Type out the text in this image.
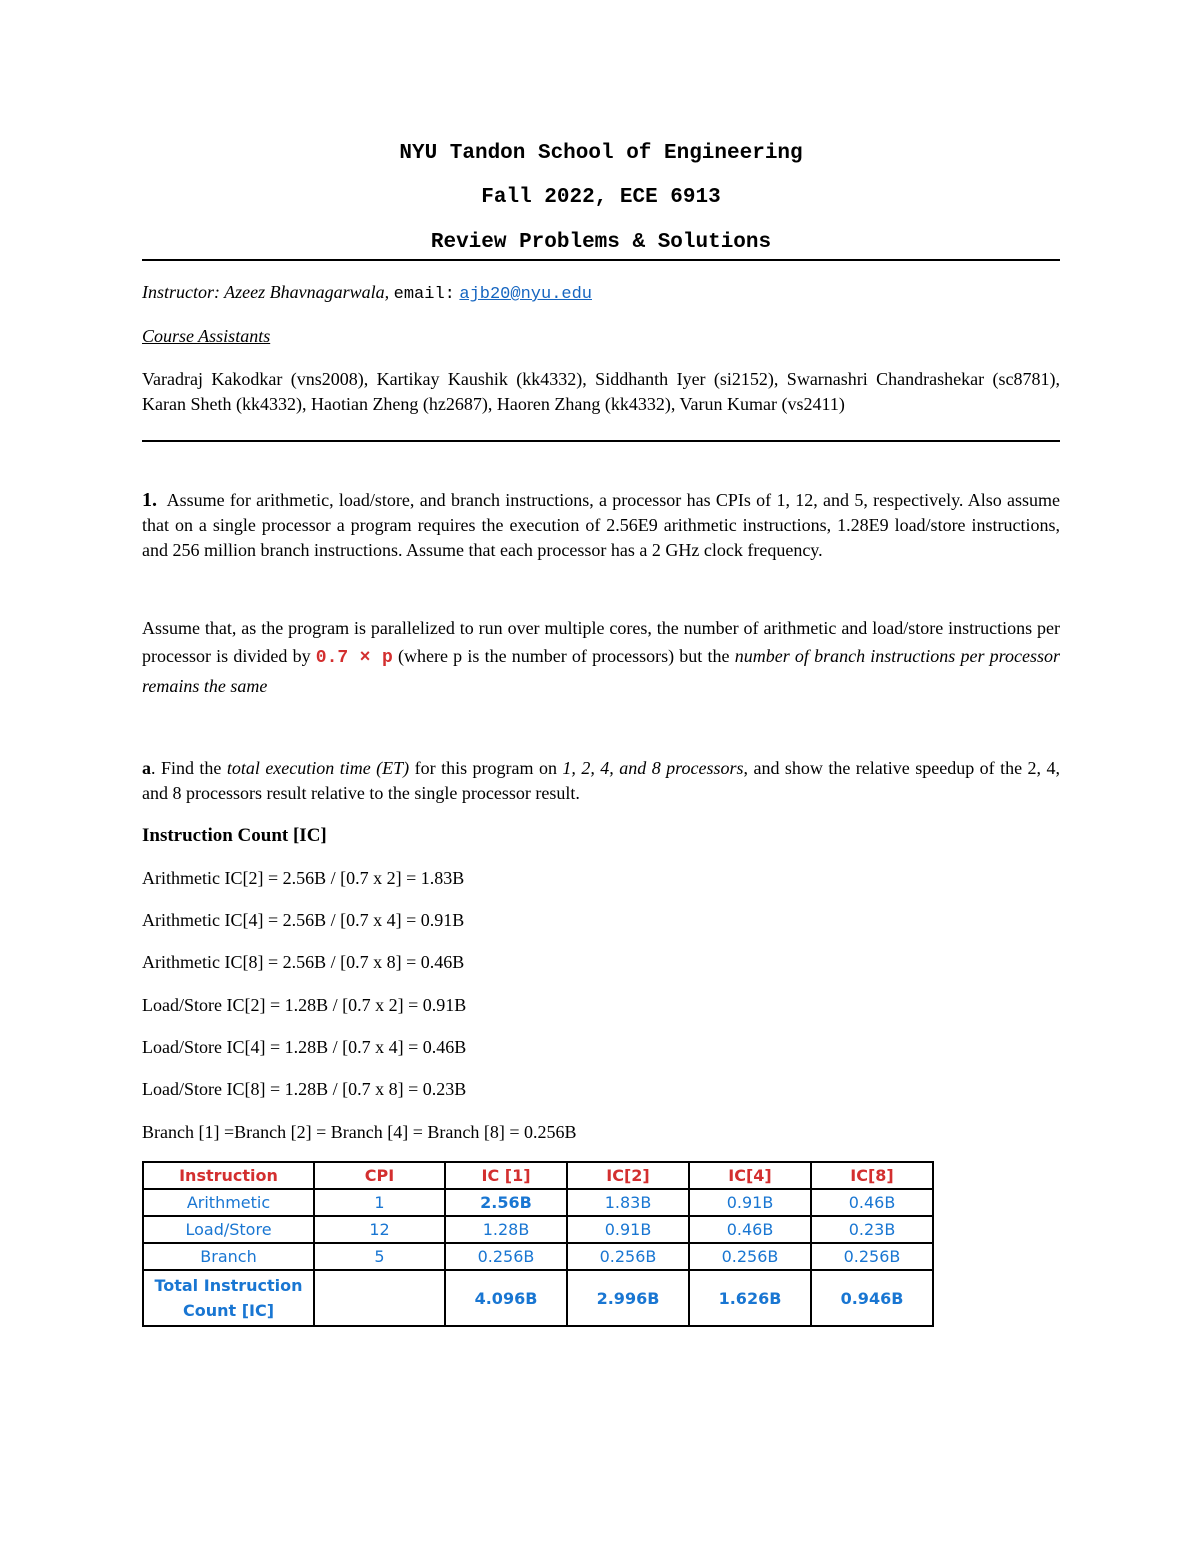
NYU Tandon School of Engineering
Fall 2022, ECE 6913
Review Problems & Solutions
Instructor: Azeez Bhavnagarwala, email: ajb20@nyu.edu
Course Assistants
Varadraj Kakodkar (vns2008), Kartikay Kaushik (kk4332), Siddhanth Iyer (si2152), Swarnashri Chandrashekar (sc8781), Karan Sheth (kk4332), Haotian Zheng (hz2687), Haoren Zhang (kk4332), Varun Kumar (vs2411)
1. Assume for arithmetic, load/store, and branch instructions, a processor has CPIs of 1, 12, and 5, respectively. Also assume that on a single processor a program requires the execution of 2.56E9 arithmetic instructions, 1.28E9 load/store instructions, and 256 million branch instructions. Assume that each processor has a 2 GHz clock frequency.
Assume that, as the program is parallelized to run over multiple cores, the number of arithmetic and load/store instructions per processor is divided by 0.7 × p (where p is the number of processors) but the number of branch instructions per processor remains the same
a. Find the total execution time (ET) for this program on 1, 2, 4, and 8 processors, and show the relative speedup of the 2, 4, and 8 processors result relative to the single processor result.
Instruction Count [IC]
Arithmetic IC[2] = 2.56B / [0.7 x 2] = 1.83B
Arithmetic IC[4] = 2.56B / [0.7 x 4] = 0.91B
Arithmetic IC[8] = 2.56B / [0.7 x 8] = 0.46B
Load/Store IC[2] = 1.28B / [0.7 x 2] = 0.91B
Load/Store IC[4] = 1.28B / [0.7 x 4] = 0.46B
Load/Store IC[8] = 1.28B / [0.7 x 8] = 0.23B
Branch [1] =Branch [2] = Branch [4] = Branch [8] = 0.256B
Instruction	CPI	IC [1]	IC[2]	IC[4]	IC[8]
Arithmetic	1	2.56B	1.83B	0.91B	0.46B
Load/Store	12	1.28B	0.91B	0.46B	0.23B
Branch	5	0.256B	0.256B	0.256B	0.256B
Total Instruction
Count [IC]		4.096B	2.996B	1.626B	0.946B
